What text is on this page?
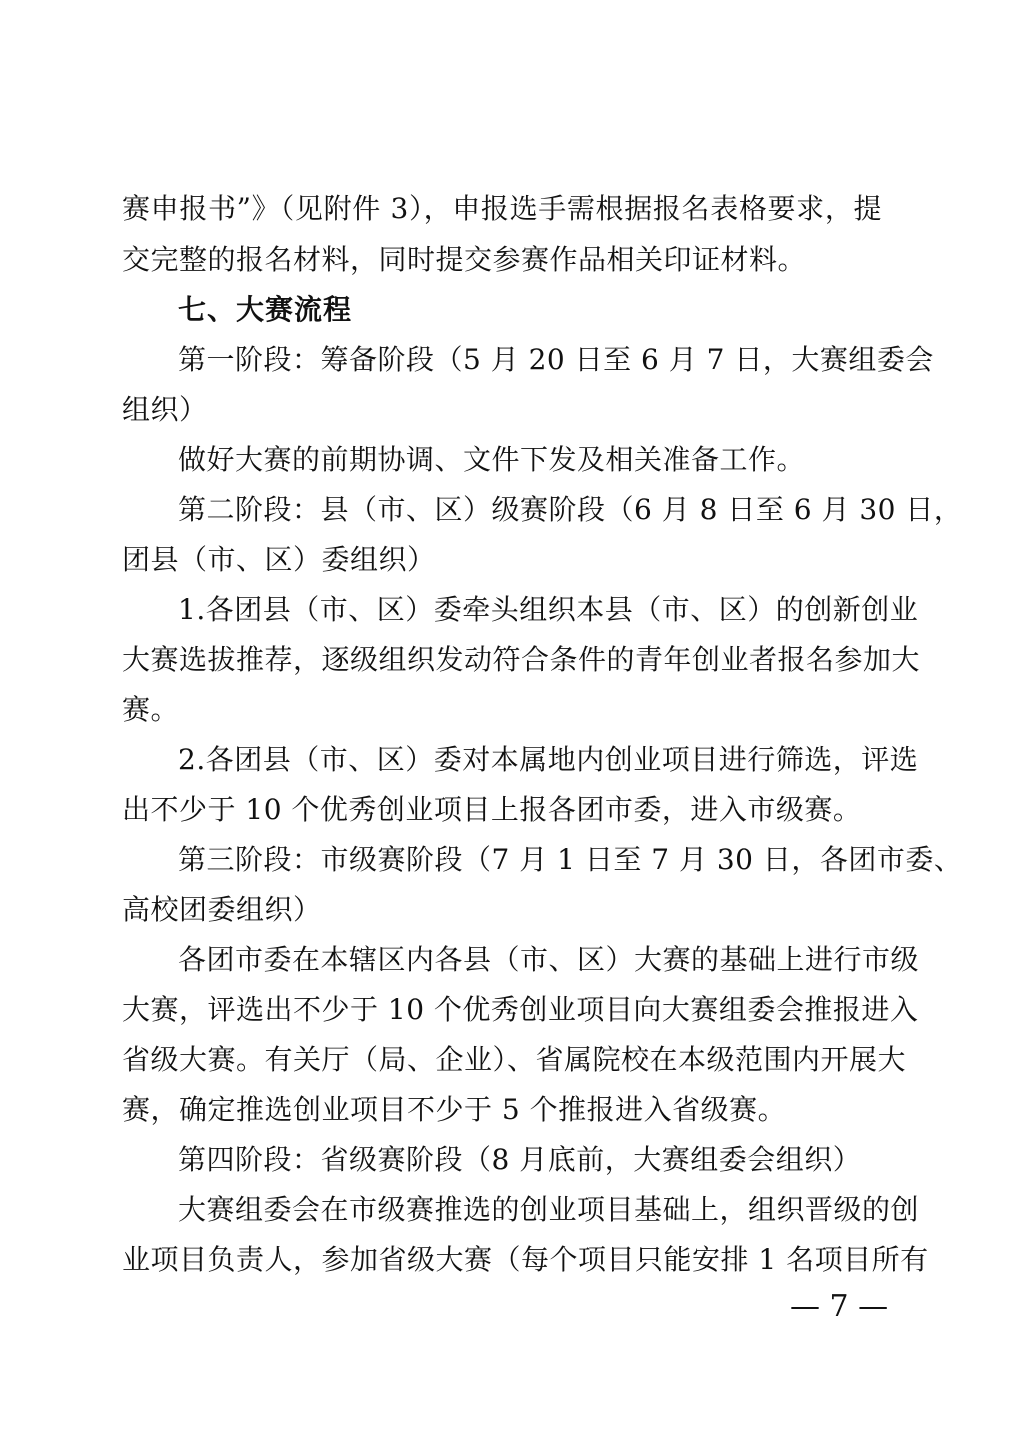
赛申报书”》（见附件 3），申报选手需根据报名表格要求，提
交完整的报名材料，同时提交参赛作品相关印证材料。
七、大赛流程
第一阶段：筹备阶段（5 月 20 日至 6 月 7 日，大赛组委会
组织）
做好大赛的前期协调、文件下发及相关准备工作。
第二阶段：县（市、区）级赛阶段（6 月 8 日至 6 月 30 日，
团县（市、区）委组织）
1.各团县（市、区）委牵头组织本县（市、区）的创新创业
大赛选拔推荐，逐级组织发动符合条件的青年创业者报名参加大
赛。
2.各团县（市、区）委对本属地内创业项目进行筛选，评选
出不少于 10 个优秀创业项目上报各团市委，进入市级赛。
第三阶段：市级赛阶段（7 月 1 日至 7 月 30 日，各团市委、
高校团委组织）
各团市委在本辖区内各县（市、区）大赛的基础上进行市级
大赛，评选出不少于 10 个优秀创业项目向大赛组委会推报进入
省级大赛。有关厅（局、企业）、省属院校在本级范围内开展大
赛，确定推选创业项目不少于 5 个推报进入省级赛。
第四阶段：省级赛阶段（8 月底前，大赛组委会组织）
大赛组委会在市级赛推选的创业项目基础上，组织晋级的创
业项目负责人，参加省级大赛（每个项目只能安排 1 名项目所有
— 7 —
